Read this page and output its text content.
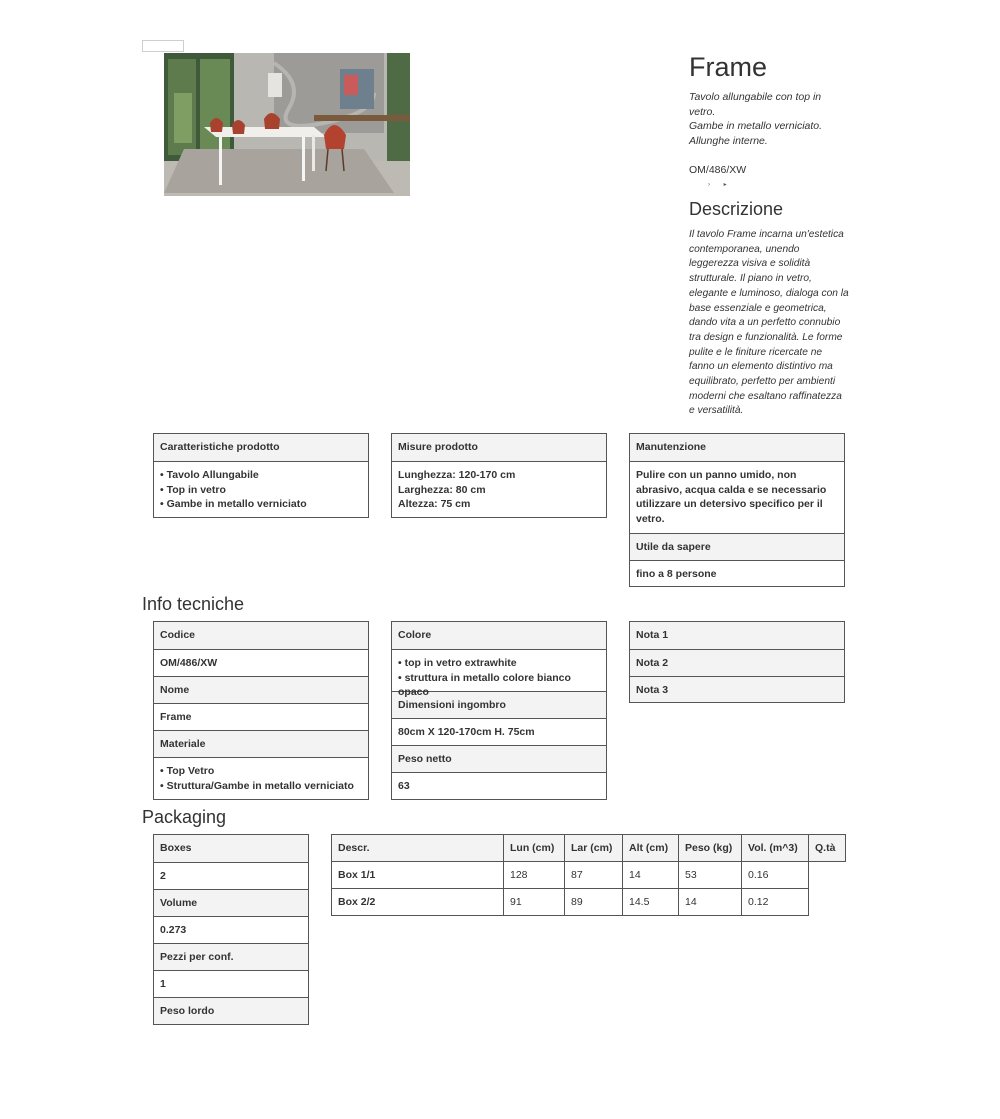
Frame
Tavolo allungabile con top in vetro.
Gambe in metallo verniciato. Allunghe interne.
OM/486/XW
› ▸
Descrizione
Il tavolo Frame incarna un'estetica contemporanea, unendo leggerezza visiva e solidità strutturale. Il piano in vetro, elegante e luminoso, dialoga con la base essenziale e geometrica, dando vita a un perfetto connubio tra design e funzionalità. Le forme pulite e le finiture ricercate ne fanno un elemento distintivo ma equilibrato, perfetto per ambienti moderni che esaltano raffinatezza e versatilità.
Caratteristiche prodotto
• Tavolo Allungabile
• Top in vetro
• Gambe in metallo verniciato
Misure prodotto
Lunghezza: 120-170 cm
Larghezza: 80 cm
Altezza: 75 cm
Manutenzione
Pulire con un panno umido, non abrasivo, acqua calda e se necessario utilizzare un detersivo specifico per il vetro.
Utile da sapere
fino a 8 persone
Info tecniche
Codice
OM/486/XW
Nome
Frame
Materiale
• Top Vetro
• Struttura/Gambe in metallo verniciato
Colore
• top in vetro extrawhite
• struttura in metallo colore bianco opaco
Dimensioni ingombro
80cm X 120-170cm H. 75cm
Peso netto
63
Nota 1
Nota 2
Nota 3
Packaging
Boxes
2
Volume
0.273
Pezzi per conf.
1
Peso lordo
Descr.	Lun (cm)	Lar (cm)	Alt (cm)	Peso (kg)	Vol. (m^3)	Q.tà
Box 1/1	128	87	14	53	0.16	
Box 2/2	91	89	14.5	14	0.12	
